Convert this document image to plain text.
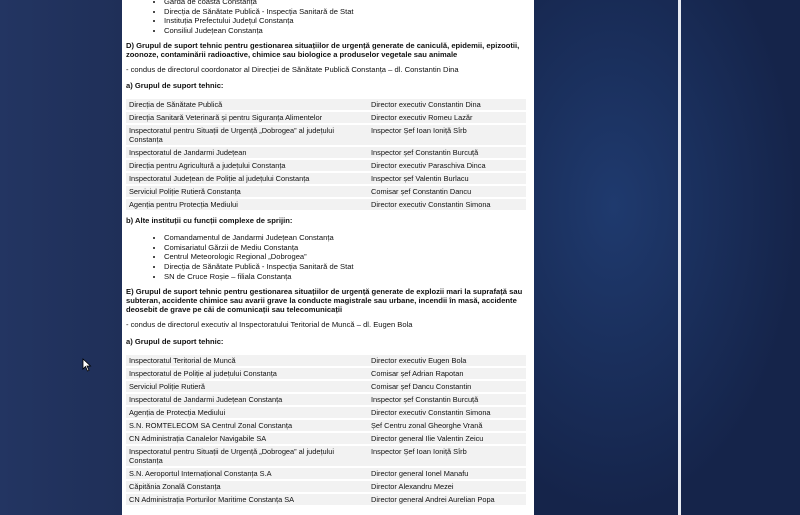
• Garda de coastă Constanța
• Direcția de Sănătate Publică - Inspecția Sanitară de Stat
• Instituția Prefectului Județul Constanța
• Consiliul Județean Constanța

D) Grupul de suport tehnic pentru gestionarea situațiilor de urgență generate de caniculă, epidemii, epizootii, zoonoze, contaminării radioactive, chimice sau biologice a produselor vegetale sau animale

- condus de directorul coordonator al Direcției de Sănătate Publică Constanța – dl. Constantin Dina

a) Grupul de suport tehnic:

Direcția de Sănătate Publică	Director executiv Constantin Dina
Direcția Sanitară Veterinară și pentru Siguranța Alimentelor	Director executiv Romeu Lazăr
Inspectoratul pentru Situații de Urgență „Dobrogea” al județului Constanța	Inspector Șef Ioan Ioniță Sîrb
Inspectoratul de Jandarmi Județean	Inspector șef Constantin Burcuță
Direcția pentru Agricultură a județului Constanța	Director executiv Paraschiva Dinca
Inspectoratul Județean de Poliție al județului Constanța	Inspector șef Valentin Burlacu
Serviciul Poliție Rutieră Constanța	Comisar șef Constantin Dancu
Agenția pentru Protecția Mediului	Director executiv Constantin Simona

b) Alte instituții cu funcții complexe de sprijin:

• Comandamentul de Jandarmi Județean Constanța
• Comisariatul Gărzii de Mediu Constanța
• Centrul Meteorologic Regional „Dobrogea”
• Direcția de Sănătate Publică - Inspecția Sanitară de Stat
• SN de Cruce Roșie – filiala Constanța

E) Grupul de suport tehnic pentru gestionarea situațiilor de urgență generate de explozii mari la suprafață sau subteran, accidente chimice sau avarii grave la conducte magistrale sau urbane, incendii în masă, accidente deosebit de grave pe căi de comunicații sau telecomunicații

- condus de directorul executiv al Inspectoratului Teritorial de Muncă – dl. Eugen Bola

a) Grupul de suport tehnic:

Inspectoratul Teritorial de Muncă	Director executiv Eugen Bola
Inspectoratul de Poliție al județului Constanța	Comisar șef Adrian Rapotan
Serviciul Poliție Rutieră	Comisar șef Dancu Constantin
Inspectoratul de Jandarmi Județean Constanța	Inspector șef Constantin Burcuță
Agenția de Protecția Mediului	Director executiv Constantin Simona
S.N. ROMTELECOM SA Centrul Zonal Constanța	Șef Centru zonal Gheorghe Vrană
CN Administrația Canalelor Navigabile SA	Director general Ilie Valentin Zeicu
Inspectoratul pentru Situații de Urgență „Dobrogea” al județului Constanța	Inspector Șef Ioan Ioniță Sîrb
S.N. Aeroportul Internațional Constanța S.A	Director general Ionel Manafu
Căpitănia Zonală Constanța	Director Alexandru Mezei
CN Administrația Porturilor Maritime Constanța SA	Director general Andrei Aurelian Popa
